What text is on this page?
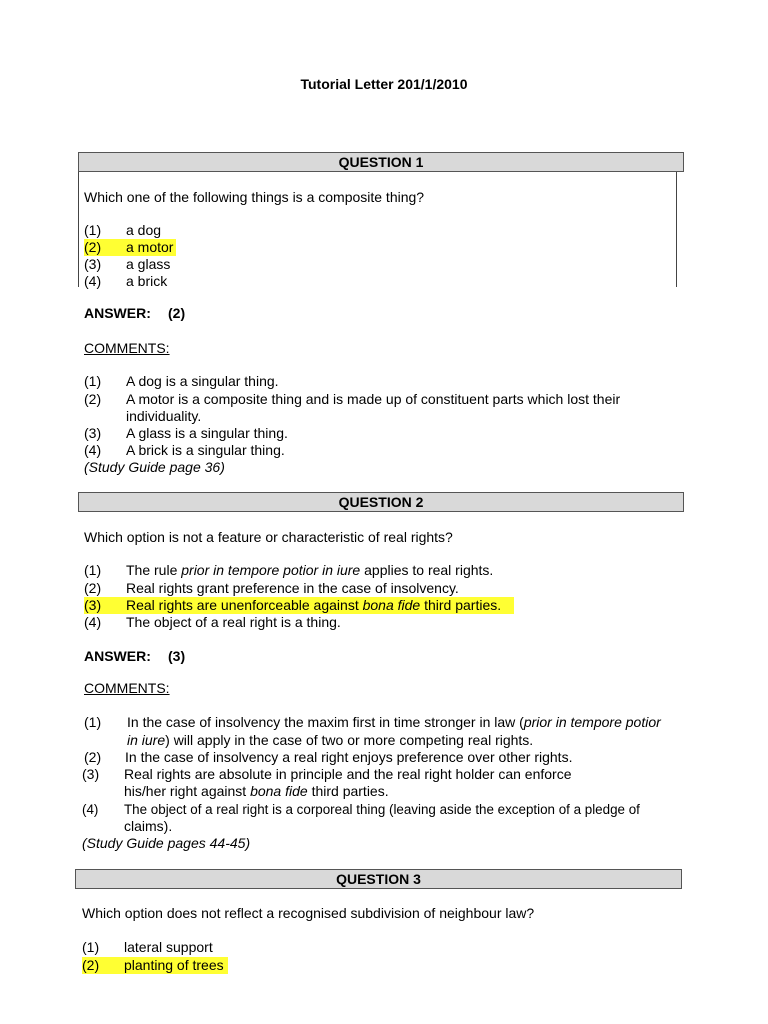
Tutorial Letter 201/1/2010
QUESTION 1
Which one of the following things is a composite thing?
(1) a dog
(2) a motor
(3) a glass
(4) a brick
ANSWER: (2)
COMMENTS:
(1) A dog is a singular thing.
(2) A motor is a composite thing and is made up of constituent parts which lost their
individuality.
(3) A glass is a singular thing.
(4) A brick is a singular thing.
(Study Guide page 36)
QUESTION 2
Which option is not a feature or characteristic of real rights?
(1) The rule prior in tempore potior in iure applies to real rights.
(2) Real rights grant preference in the case of insolvency.
(3) Real rights are unenforceable against bona fide third parties.
(4) The object of a real right is a thing.
ANSWER: (3)
COMMENTS:
(1) In the case of insolvency the maxim first in time stronger in law (prior in tempore potior
in iure) will apply in the case of two or more competing real rights.
(2) In the case of insolvency a real right enjoys preference over other rights.
(3) Real rights are absolute in principle and the real right holder can enforce
his/her right against bona fide third parties.
(4) The object of a real right is a corporeal thing (leaving aside the exception of a pledge of
claims).
(Study Guide pages 44-45)
QUESTION 3
Which option does not reflect a recognised subdivision of neighbour law?
(1) lateral support
(2) planting of trees
